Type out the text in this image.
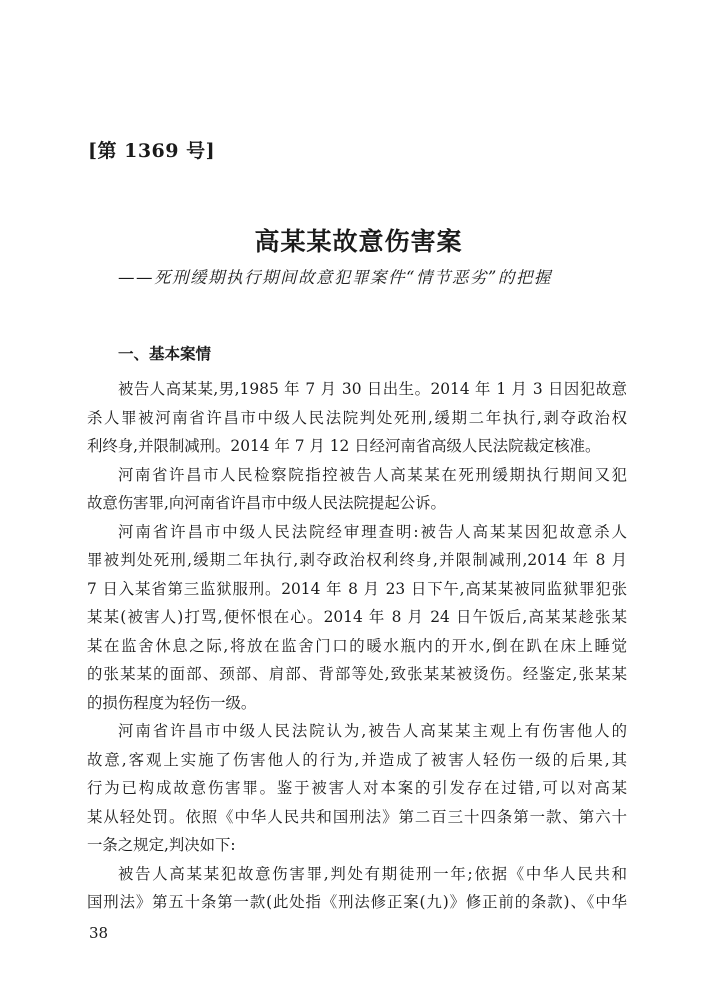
[第 1369 号]
高某某故意伤害案
——死刑缓期执行期间故意犯罪案件“情节恶劣”的把握
一、基本案情
被告人高某某,男,1985 年 7 月 30 日出生。2014 年 1 月 3 日因犯故意
杀人罪被河南省许昌市中级人民法院判处死刑,缓期二年执行,剥夺政治权
利终身,并限制减刑。2014 年 7 月 12 日经河南省高级人民法院裁定核准。
河南省许昌市人民检察院指控被告人高某某在死刑缓期执行期间又犯
故意伤害罪,向河南省许昌市中级人民法院提起公诉。
河南省许昌市中级人民法院经审理查明:被告人高某某因犯故意杀人
罪被判处死刑,缓期二年执行,剥夺政治权利终身,并限制减刑,2014 年 8 月
7 日入某省第三监狱服刑。2014 年 8 月 23 日下午,高某某被同监狱罪犯张
某某(被害人)打骂,便怀恨在心。2014 年 8 月 24 日午饭后,高某某趁张某
某在监舍休息之际,将放在监舍门口的暖水瓶内的开水,倒在趴在床上睡觉
的张某某的面部、颈部、肩部、背部等处,致张某某被烫伤。经鉴定,张某某
的损伤程度为轻伤一级。
河南省许昌市中级人民法院认为,被告人高某某主观上有伤害他人的
故意,客观上实施了伤害他人的行为,并造成了被害人轻伤一级的后果,其
行为已构成故意伤害罪。鉴于被害人对本案的引发存在过错,可以对高某
某从轻处罚。依照《中华人民共和国刑法》第二百三十四条第一款、第六十
一条之规定,判决如下:
被告人高某某犯故意伤害罪,判处有期徒刑一年;依据《中华人民共和
国刑法》第五十条第一款(此处指《刑法修正案(九)》修正前的条款)、《中华
38
